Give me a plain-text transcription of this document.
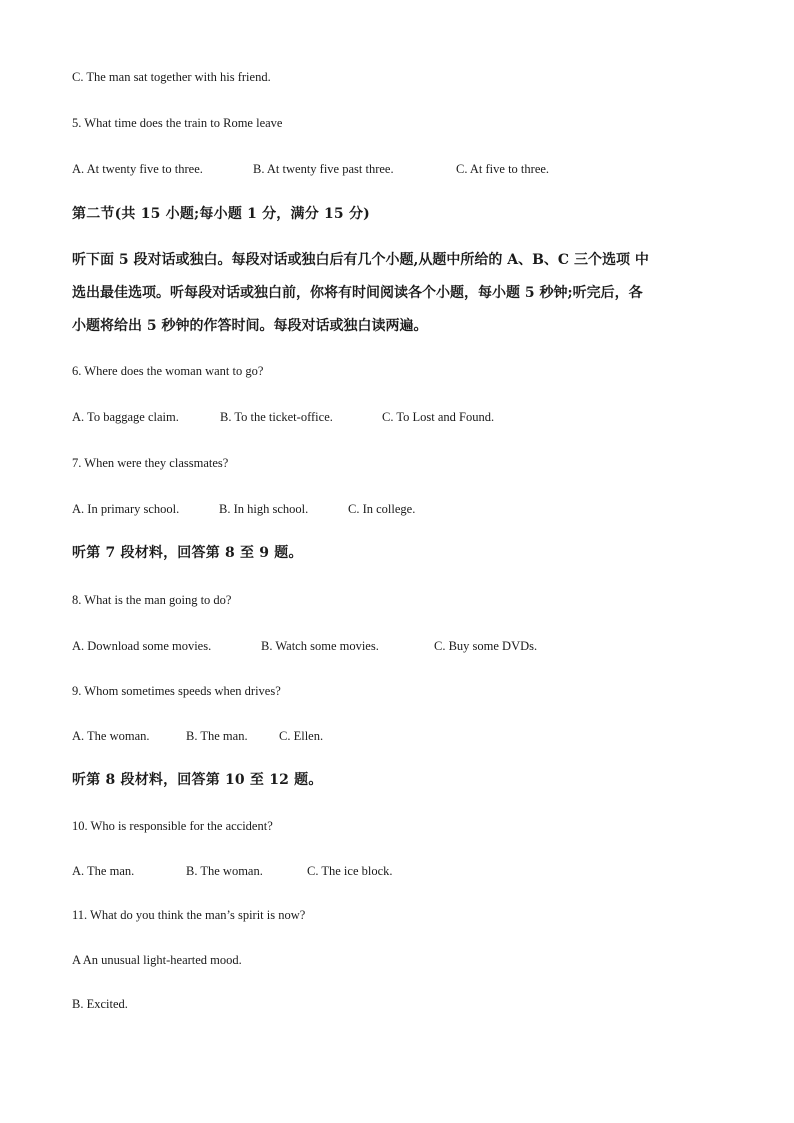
C. The man sat together with his friend.
5. What time does the train to Rome leave
A. At twenty five to three.	B. At twenty five past three.	C. At five to three.
第二节(共 15 小题;每小题 1 分，满分 15 分)
听下面 5 段对话或独白。每段对话或独白后有几个小题,从题中所给的 A、B、C 三个选项 中
选出最佳选项。听每段对话或独白前，你将有时间阅读各个小题，每小题 5 秒钟;听完后，各
小题将给出 5 秒钟的作答时间。每段对话或独白读两遍。
6. Where does the woman want to go?
A. To baggage claim.	B. To the ticket-office.	C. To Lost and Found.
7. When were they classmates?
A. In primary school.	B. In high school.	C. In college.
听第 7 段材料，回答第 8 至 9 题。
8. What is the man going to do?
A. Download some movies.	B. Watch some movies.	C. Buy some DVDs.
9. Whom sometimes speeds when drives?
A. The woman.	B. The man.	C. Ellen.
听第 8 段材料，回答第 10 至 12 题。
10. Who is responsible for the accident?
A. The man.	B. The woman.	C. The ice block.
11. What do you think the man’s spirit is now?
A An unusual light-hearted mood.
B. Excited.
